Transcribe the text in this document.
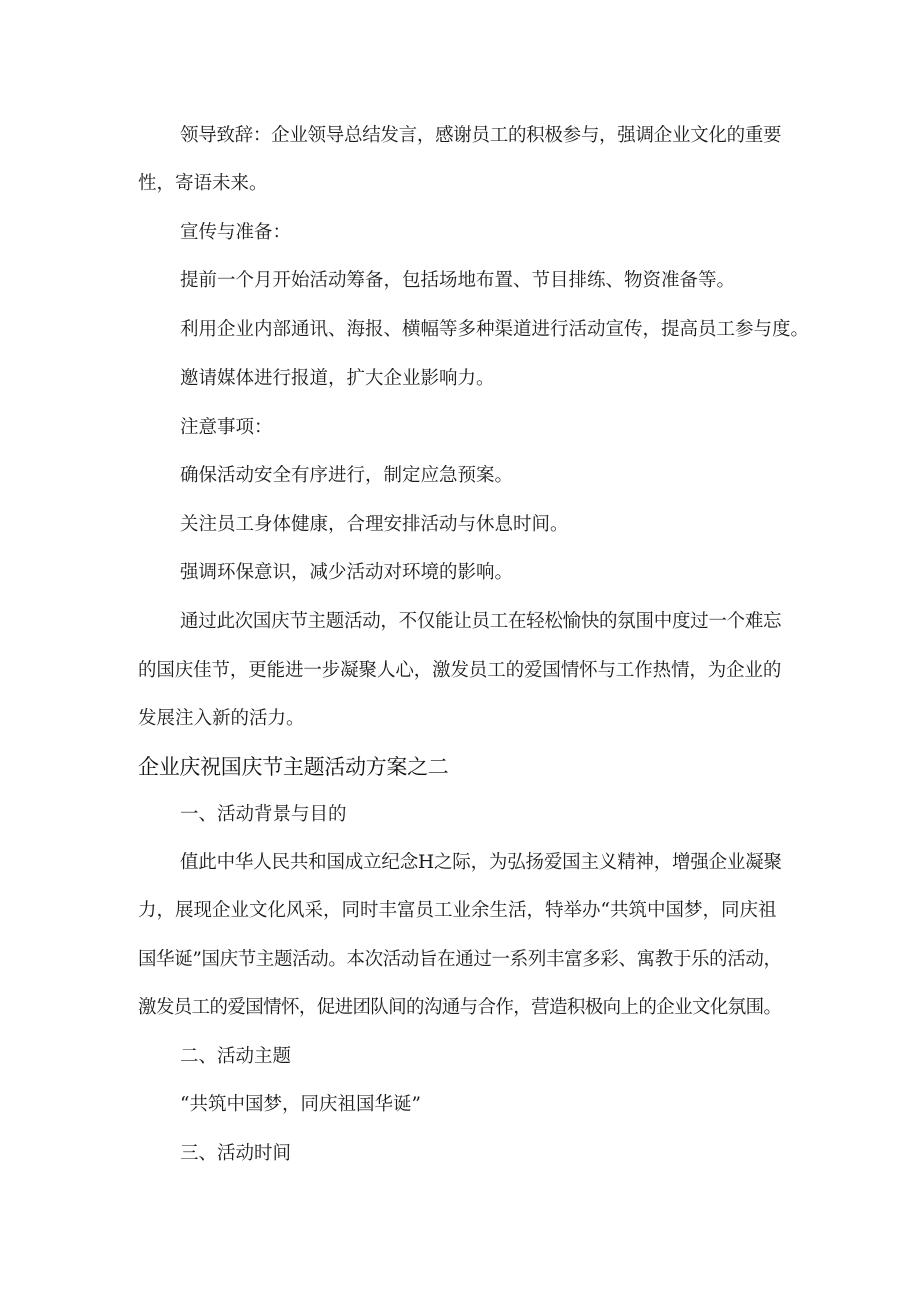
领导致辞：企业领导总结发言，感谢员工的积极参与，强调企业文化的重要
性，寄语未来。
宣传与准备：
提前一个月开始活动筹备，包括场地布置、节目排练、物资准备等。
利用企业内部通讯、海报、横幅等多种渠道进行活动宣传，提高员工参与度。
邀请媒体进行报道，扩大企业影响力。
注意事项：
确保活动安全有序进行，制定应急预案。
关注员工身体健康，合理安排活动与休息时间。
强调环保意识，减少活动对环境的影响。
通过此次国庆节主题活动，不仅能让员工在轻松愉快的氛围中度过一个难忘
的国庆佳节，更能进一步凝聚人心，激发员工的爱国情怀与工作热情，为企业的
发展注入新的活力。
企业庆祝国庆节主题活动方案之二
一、活动背景与目的
值此中华人民共和国成立纪念H之际，为弘扬爱国主义精神，增强企业凝聚
力，展现企业文化风采，同时丰富员工业余生活，特举办“共筑中国梦，同庆祖
国华诞”国庆节主题活动。本次活动旨在通过一系列丰富多彩、寓教于乐的活动，
激发员工的爱国情怀，促进团队间的沟通与合作，营造积极向上的企业文化氛围。
二、活动主题
“共筑中国梦，同庆祖国华诞”
三、活动时间
